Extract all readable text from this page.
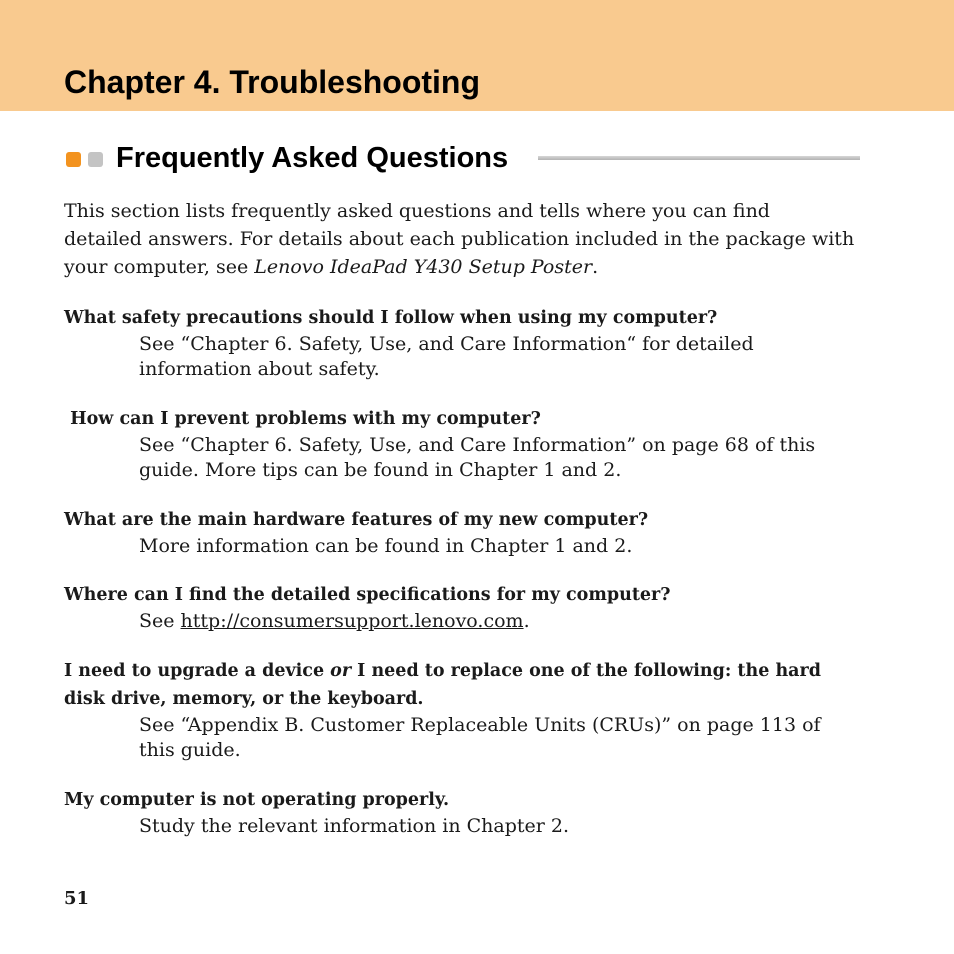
Chapter 4. Troubleshooting
Frequently Asked Questions

This section lists frequently asked questions and tells where you can find

detailed answers. For details about each publication included in the package with

your computer, see Lenovo IdeaPad Y430 Setup Poster.

What safety precautions should I follow when using my computer?

See “Chapter 6. Safety, Use, and Care Information“ for detailed

information about safety.

How can I prevent problems with my computer?

See “Chapter 6. Safety, Use, and Care Information” on page 68 of this

guide. More tips can be found in Chapter 1 and 2.

What are the main hardware features of my new computer?

More information can be found in Chapter 1 and 2.

Where can I find the detailed specifications for my computer?

See http://consumersupport.lenovo.com.

I need to upgrade a device or I need to replace one of the following: the hard

disk drive, memory, or the keyboard.

See “Appendix B. Customer Replaceable Units (CRUs)” on page 113 of

this guide.

My computer is not operating properly.

Study the relevant information in Chapter 2.

51
